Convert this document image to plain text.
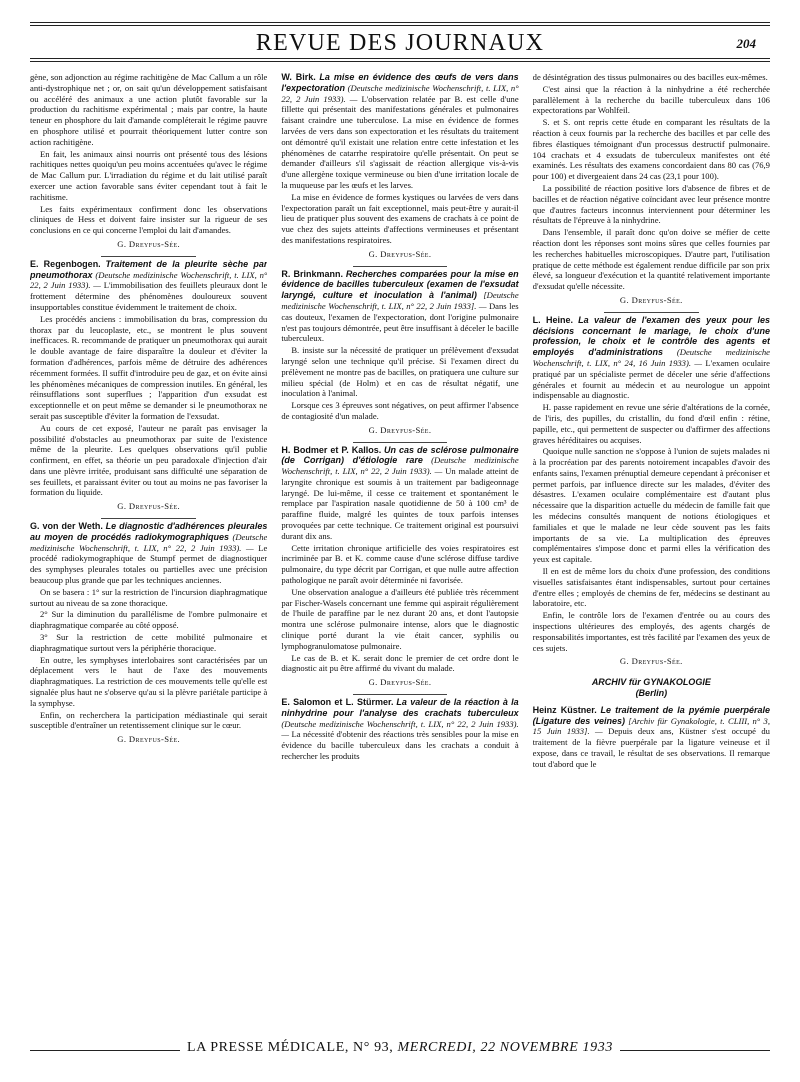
REVUE DES JOURNAUX	204

gène, son adjonction au régime rachitigène de Mac Callum a un rôle anti-dystrophique net ; or, on sait qu'un développement satisfaisant ou accéléré des animaux a une action plutôt favorable sur la production du rachitisme expérimental ; mais par contre, la haute teneur en phosphore du lait d'amande compléterait le régime pauvre en phosphore utilisé et pourrait théoriquement lutter contre son action rachitigène.

En fait, les animaux ainsi nourris ont présenté tous des lésions rachitiques nettes quoiqu'un peu moins accentuées qu'avec le régime de Mac Callum pur. L'irradiation du régime et du lait utilisé paraît exercer une action favorable sans éviter cependant tout à fait le rachitisme.

Les faits expérimentaux confirment donc les observations cliniques de Hess et doivent faire insister sur la rigueur de ses conclusions en ce qui concerne l'emploi du lait d'amandes.

G. Dreyfus-Sée.

E. Regenbogen. Traitement de la pleurite sèche par pneumothorax (Deutsche medizinische Wochenschrift, t. LIX, n° 22, 2 Juin 1933). — L'immobilisation des feuillets pleuraux dont le frottement détermine des phénomènes douloureux souvent insupportables constitue évidemment le traitement de choix.

Les procédés anciens : immobilisation du bras, compression du thorax par du leucoplaste, etc., se montrent le plus souvent inefficaces. R. recommande de pratiquer un pneumothorax qui aurait le double avantage de faire disparaître la douleur et d'éviter la formation d'adhérences, parfois même de détruire des adhérences récemment formées. Il suffit d'introduire peu de gaz, et on évite ainsi les phénomènes mécaniques de compression inutiles. En général, les réinsufflations sont superflues ; l'apparition d'un exsudat est exceptionnelle et on peut même se demander si le pneumothorax ne serait pas susceptible d'éviter la formation de l'exsudat.

Au cours de cet exposé, l'auteur ne paraît pas envisager la possibilité d'obstacles au pneumothorax par suite de l'existence même de la pleurite. Les quelques observations qu'il publie confirment, en effet, sa théorie un peu paradoxale d'injection d'air dans une plèvre irritée, produisant sans difficulté une séparation de ses feuillets, et paraissant éviter ou tout au moins ne pas favoriser la formation du liquide.

G. Dreyfus-Sée.

G. von der Weth. Le diagnostic d'adhérences pleurales au moyen de procédés radiokymographiques (Deutsche medizinische Wochenschrift, t. LIX, n° 22, 2 Juin 1933). — Le procédé radiokymographique de Stumpf permet de diagnostiquer des symphyses pleurales totales ou partielles avec une précision beaucoup plus grande que par les techniques anciennes.

On se basera : 1° sur la restriction de l'incursion diaphragmatique surtout au niveau de sa zone thoracique.

2° Sur la diminution du parallélisme de l'ombre pulmonaire et diaphragmatique comparée au côté opposé.

3° Sur la restriction de cette mobilité pulmonaire et diaphragmatique surtout vers la périphérie thoracique.

En outre, les symphyses interlobaires sont caractérisées par un déplacement vers le haut de l'axe des mouvements diaphragmatiques. La restriction de ces mouvements telle qu'elle est signalée plus haut ne s'observe qu'au si la plèvre pariétale participe à la symphyse.

Enfin, on recherchera la participation médiastinale qui serait susceptible d'entraîner un retentissement clinique sur le cœur.

G. Dreyfus-Sée.

W. Birk. La mise en évidence des œufs de vers dans l'expectoration (Deutsche medizinische Wochenschrift, t. LIX, n° 22, 2 Juin 1933). — L'observation relatée par B. est celle d'une fillette qui présentait des manifestations générales et pulmonaires faisant craindre une tuberculose. La mise en évidence de formes larvées de vers dans son expectoration et les résultats du traitement ont démontré qu'il existait une relation entre cette infestation et les phénomènes de catarrhe respiratoire qu'elle présentait. On peut se demander d'ailleurs s'il s'agissait de réaction allergique vis-à-vis d'une allergène toxique vermineuse ou bien d'une irritation locale de la muqueuse par les œufs et les larves.

La mise en évidence de formes kystiques ou larvées de vers dans l'expectoration paraît un fait exceptionnel, mais peut-être y aurait-il lieu de pratiquer plus souvent des examens de crachats à ce point de vue chez des sujets atteints d'affections vermineuses et présentant des manifestations respiratoires.

G. Dreyfus-Sée.

R. Brinkmann. Recherches comparées pour la mise en évidence de bacilles tuberculeux (examen de l'exsudat laryngé, culture et inoculation à l'animal) [Deutsche medizinische Wochenschrift, t. LIX, n° 22, 2 Juin 1933]. — Dans les cas douteux, l'examen de l'expectoration, dont l'origine pulmonaire n'est pas toujours démontrée, peut être insuffisant à déceler le bacille tuberculeux.

B. insiste sur la nécessité de pratiquer un prélèvement d'exsudat laryngé selon une technique qu'il précise. Si l'examen direct du prélèvement ne montre pas de bacilles, on pratiquera une culture sur milieu spécial (de Holm) et en cas de résultat négatif, une inoculation à l'animal.

Lorsque ces 3 épreuves sont négatives, on peut affirmer l'absence de contagiosité d'un malade.

G. Dreyfus-Sée.

H. Bodmer et P. Kallos. Un cas de sclérose pulmonaire (de Corrigan) d'étiologie rare (Deutsche medizinische Wochenschrift, t. LIX, n° 22, 2 Juin 1933). — Un malade atteint de laryngite chronique est soumis à un traitement par badigeonnage laryngé. De lui-même, il cesse ce traitement et spontanément le remplace par l'aspiration nasale quotidienne de 50 à 100 cm³ de paraffine fluide, malgré les quintes de toux parfois intenses provoquées par cette technique. Ce traitement original est poursuivi durant dix ans.

Cette irritation chronique artificielle des voies respiratoires est incriminée par B. et K. comme cause d'une sclérose diffuse tardive pulmonaire, du type décrit par Corrigan, et que nulle autre affection pathologique ne paraît avoir déterminée ni favorisée.

Une observation analogue a d'ailleurs été publiée très récemment par Fischer-Wasels concernant une femme qui aspirait régulièrement de l'huile de paraffine par le nez durant 20 ans, et dont l'autopsie montra une sclérose pulmonaire intense, alors que le diagnostic clinique porté durant la vie était cancer, syphilis ou lymphogranulomatose pulmonaire.

Le cas de B. et K. serait donc le premier de cet ordre dont le diagnostic ait pu être affirmé du vivant du malade.

G. Dreyfus-Sée.

E. Salomon et L. Stürmer. La valeur de la réaction à la ninhydrine pour l'analyse des crachats tuberculeux (Deutsche medizinische Wochenschrift, t. LIX, n° 22, 2 Juin 1933). — La nécessité d'obtenir des réactions très sensibles pour la mise en évidence du bacille tuberculeux dans les crachats a conduit à rechercher les produits

de désintégration des tissus pulmonaires ou des bacilles eux-mêmes.

C'est ainsi que la réaction à la ninhydrine a été recherchée parallèlement à la recherche du bacille tuberculeux dans 106 expectorations par Wohlfeil.

S. et S. ont repris cette étude en comparant les résultats de la réaction à ceux fournis par la recherche des bacilles et par celle des fibres élastiques témoignant d'un processus destructif pulmonaire. 104 crachats et 4 exsudats de tuberculeux manifestes ont été examinés. Les résultats des examens concordaient dans 80 cas (76,9 pour 100) et divergeaient dans 24 cas (23,1 pour 100).

La possibilité de réaction positive lors d'absence de fibres et de bacilles et de réaction négative coïncidant avec leur présence montre que d'autres facteurs inconnus interviennent pour déterminer les résultats de l'épreuve à la ninhydrine.

Dans l'ensemble, il paraît donc qu'on doive se méfier de cette réaction dont les réponses sont moins sûres que celles fournies par les recherches habituelles microscopiques. D'autre part, l'utilisation pratique de cette méthode est également rendue difficile par son prix élevé, sa longueur d'exécution et la quantité relativement importante d'exsudat qu'elle nécessite.

G. Dreyfus-Sée.

L. Heine. La valeur de l'examen des yeux pour les décisions concernant le mariage, le choix d'une profession, le choix et le contrôle des agents et employés d'administrations (Deutsche medizinische Wochenschrift, t. LIX, n° 24, 16 Juin 1933). — L'examen oculaire pratiqué par un spécialiste permet de déceler une série d'affections générales et fournit au médecin et au neurologue un appoint indispensable au diagnostic.

H. passe rapidement en revue une série d'altérations de la cornée, de l'iris, des pupilles, du cristallin, du fond d'œil enfin : rétine, papille, etc., qui permettent de suspecter ou d'affirmer des affections graves héréditaires ou acquises.

Quoique nulle sanction ne s'oppose à l'union de sujets malades ni à la procréation par des parents notoirement incapables d'avoir des enfants sains, l'examen prénuptial demeure cependant à préconiser et permet parfois, par influence directe sur les malades, d'éviter des désastres. L'examen oculaire complémentaire est d'autant plus nécessaire que la disparition actuelle du médecin de famille fait que les médecins consultés manquent de notions étiologiques et familiales et que le malade ne leur cède souvent pas les faits importants de sa vie. La multiplication des épreuves complémentaires s'impose donc et parmi elles la vérification des yeux est capitale.

Il en est de même lors du choix d'une profession, des conditions visuelles satisfaisantes étant indispensables, surtout pour certaines d'entre elles ; employés de chemins de fer, médecins se destinant au laboratoire, etc.

Enfin, le contrôle lors de l'examen d'entrée ou au cours des inspections ultérieures des employés, des agents chargés de responsabilités importantes, est très facilité par l'examen des yeux de ces sujets.

G. Dreyfus-Sée.
ARCHIV für GYNAKOLOGIE
(Berlin)

Heinz Küstner. Le traitement de la pyémie puerpérale (Ligature des veines) [Archiv für Gynakologie, t. CLIII, n° 3, 15 Juin 1933]. — Depuis deux ans, Küstner s'est occupé du traitement de la fièvre puerpérale par la ligature veineuse et il expose, dans ce travail, le résultat de ses observations. Il remarque tout d'abord que le

LA PRESSE MÉDICALE, N° 93, MERCREDI, 22 NOVEMBRE 1933
